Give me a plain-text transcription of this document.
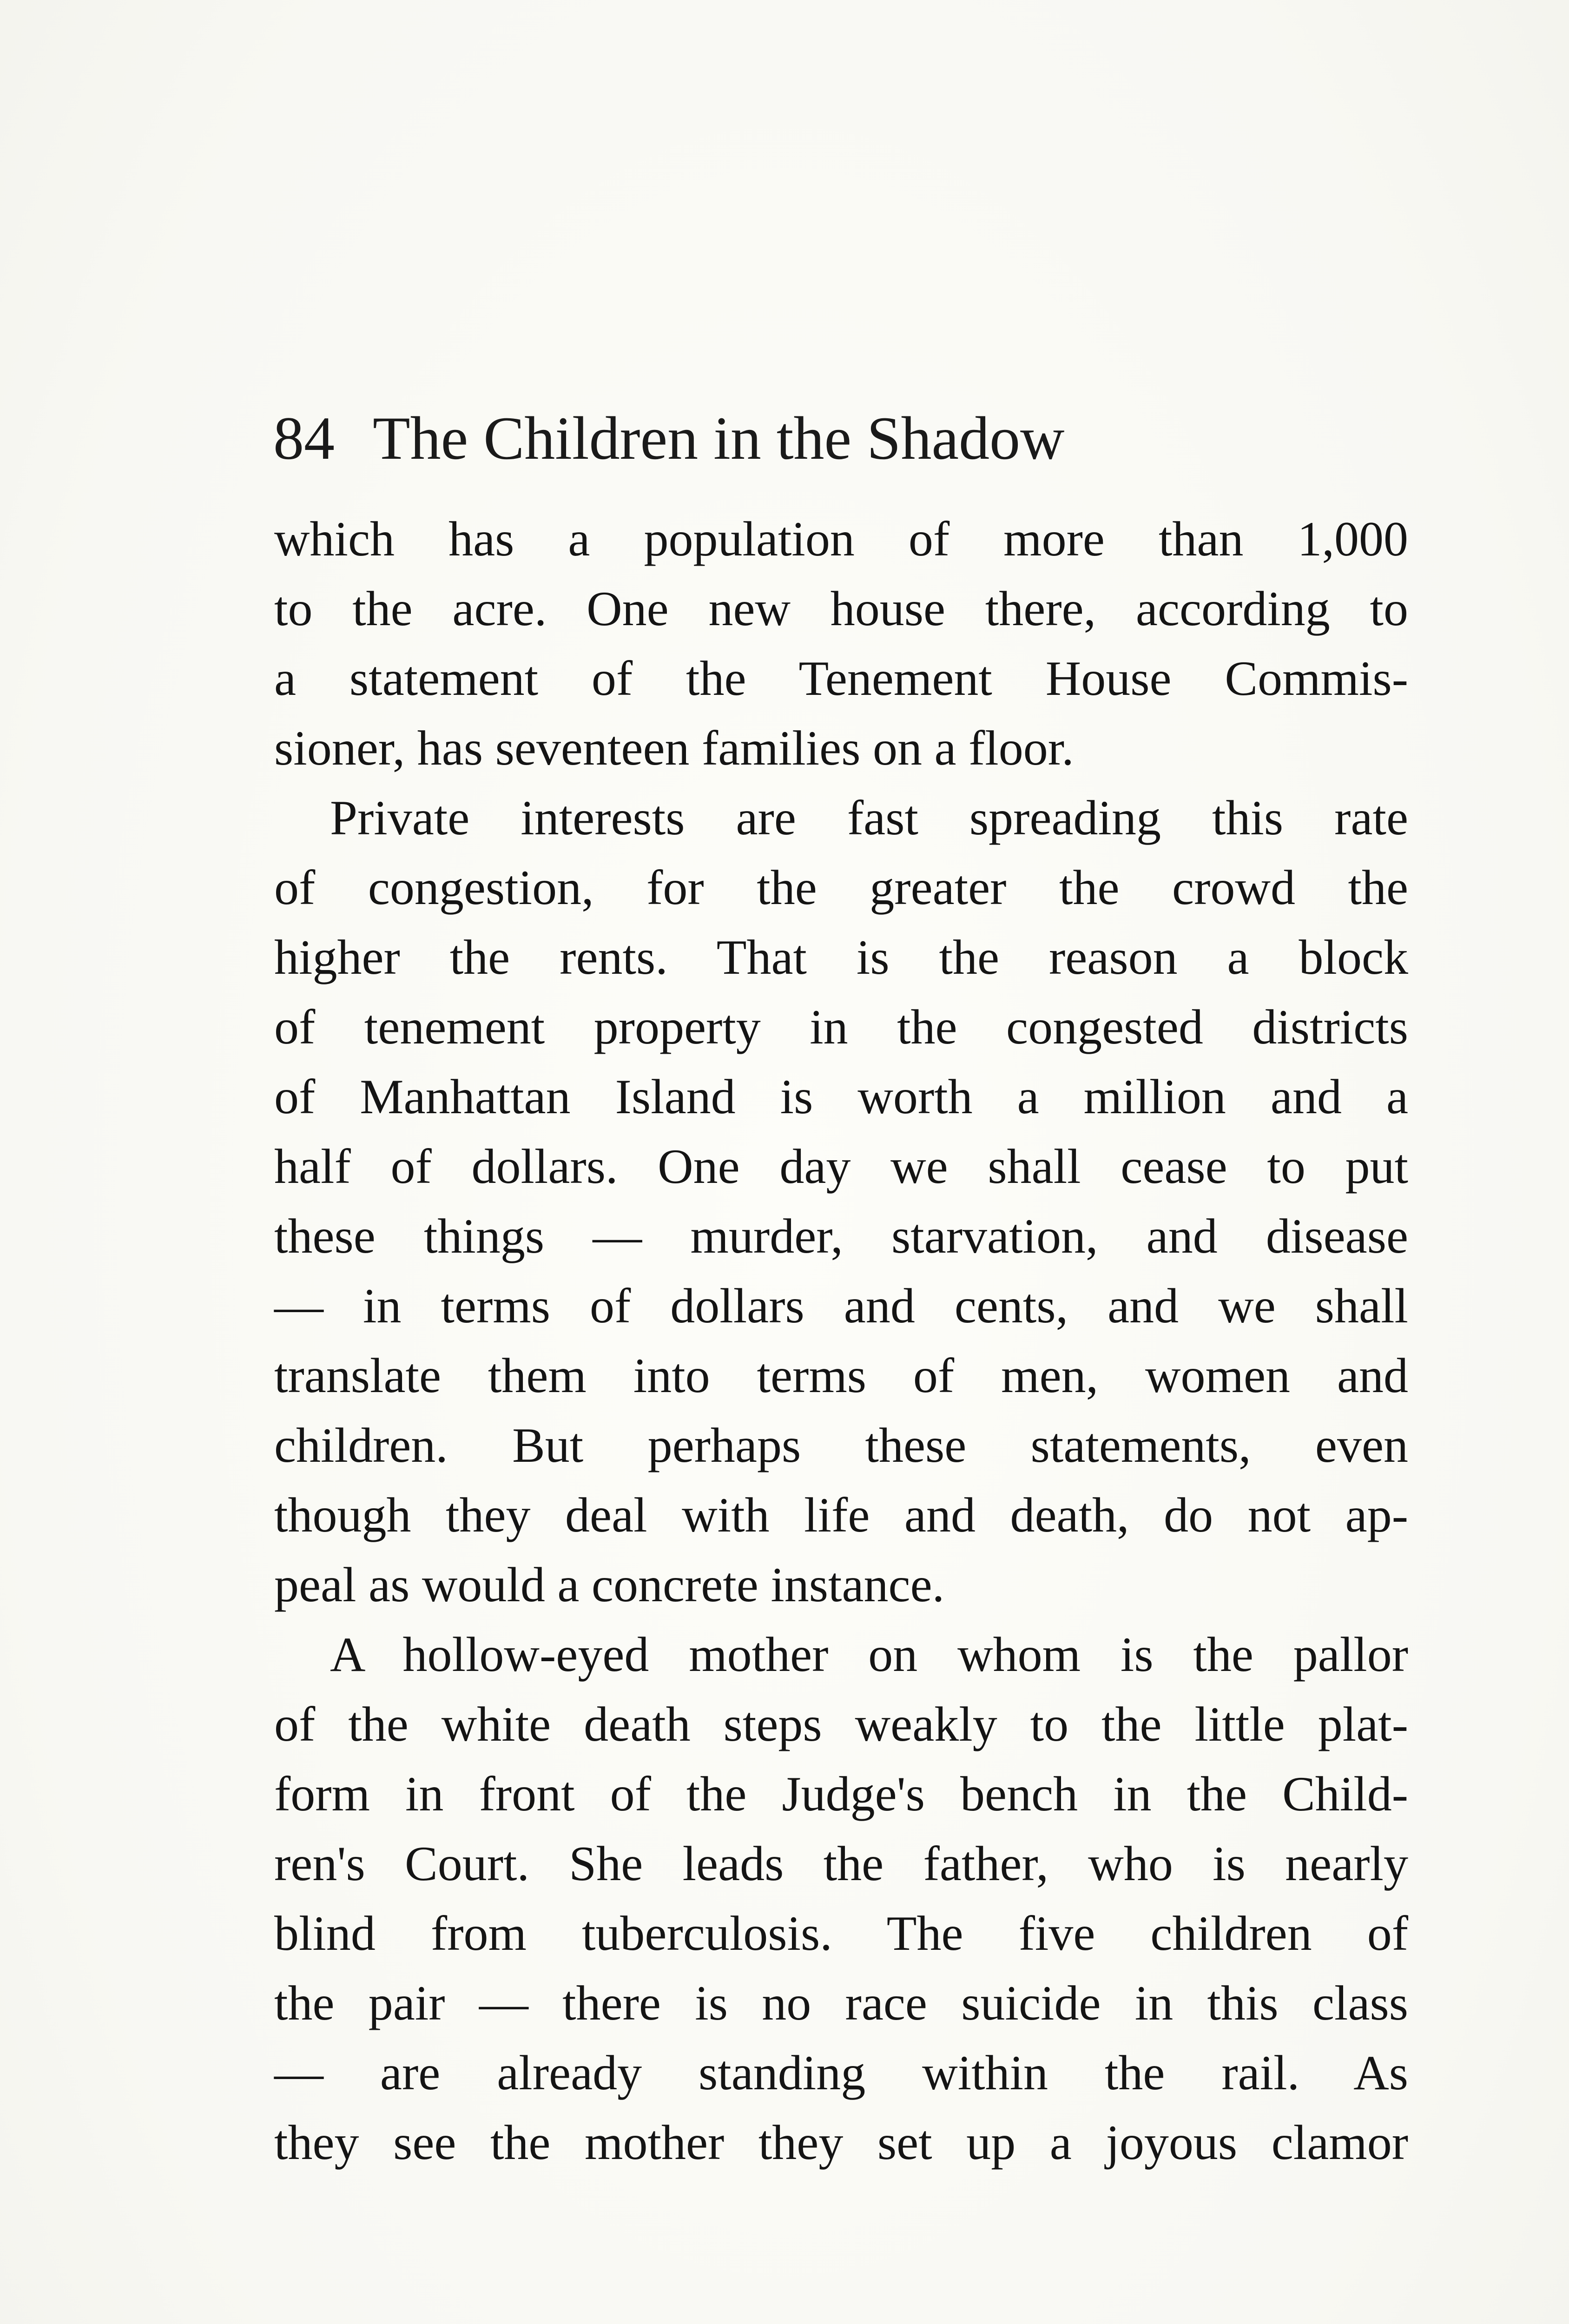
84 The Children in the Shadow
which has a population of more than 1,000
to the acre. One new house there, according to
a statement of the Tenement House Commis-
sioner, has seventeen families on a floor.
Private interests are fast spreading this rate
of congestion, for the greater the crowd the
higher the rents. That is the reason a block
of tenement property in the congested districts
of Manhattan Island is worth a million and a
half of dollars. One day we shall cease to put
these things — murder, starvation, and disease
— in terms of dollars and cents, and we shall
translate them into terms of men, women and
children. But perhaps these statements, even
though they deal with life and death, do not ap-
peal as would a concrete instance.
A hollow-eyed mother on whom is the pallor
of the white death steps weakly to the little plat-
form in front of the Judge's bench in the Child-
ren's Court. She leads the father, who is nearly
blind from tuberculosis. The five children of
the pair — there is no race suicide in this class
— are already standing within the rail. As
they see the mother they set up a joyous clamor
